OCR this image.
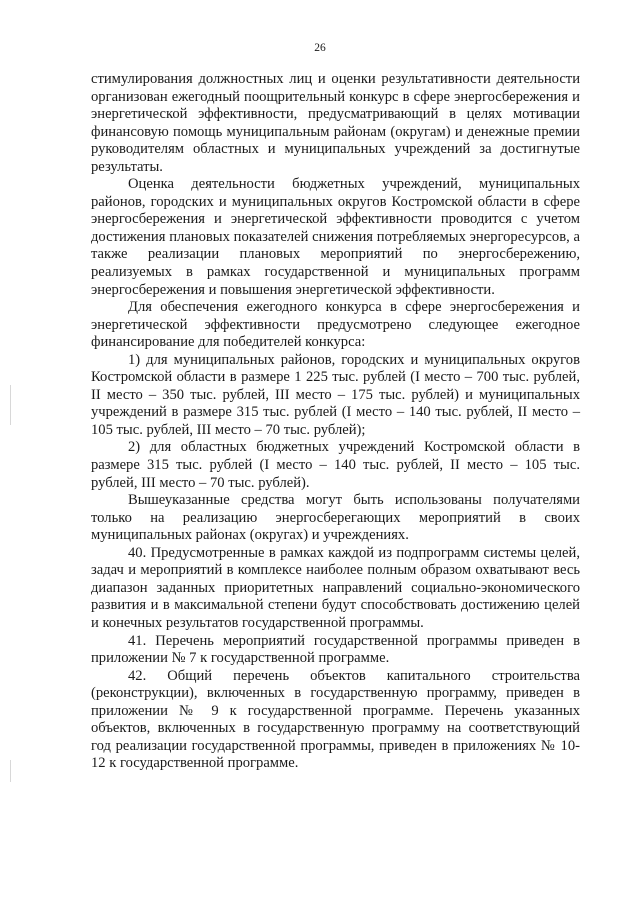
26

стимулирования должностных лиц и оценки результативности деятельности организован ежегодный поощрительный конкурс в сфере энергосбережения и энергетической эффективности, предусматривающий в целях мотивации финансовую помощь муниципальным районам (округам) и денежные премии руководителям областных и муниципальных учреждений за достигнутые результаты.

Оценка деятельности бюджетных учреждений, муниципальных районов, городских и муниципальных округов Костромской области в сфере энергосбережения и энергетической эффективности проводится с учетом достижения плановых показателей снижения потребляемых энергоресурсов, а также реализации плановых мероприятий по энергосбережению, реализуемых в рамках государственной и муниципальных программ энергосбережения и повышения энергетической эффективности.

Для обеспечения ежегодного конкурса в сфере энергосбережения и энергетической эффективности предусмотрено следующее ежегодное финансирование для победителей конкурса:

1) для муниципальных районов, городских и муниципальных округов Костромской области в размере 1 225 тыс. рублей (I место – 700 тыс. рублей, II место – 350 тыс. рублей, III место – 175 тыс. рублей) и муниципальных учреждений в размере 315 тыс. рублей (I место – 140 тыс. рублей, II место – 105 тыс. рублей, III место – 70 тыс. рублей);

2) для областных бюджетных учреждений Костромской области в размере 315 тыс. рублей (I место – 140 тыс. рублей, II место – 105 тыс. рублей, III место – 70 тыс. рублей).

Вышеуказанные средства могут быть использованы получателями только на реализацию энергосберегающих мероприятий в своих муниципальных районах (округах) и учреждениях.

40. Предусмотренные в рамках каждой из подпрограмм системы целей, задач и мероприятий в комплексе наиболее полным образом охватывают весь диапазон заданных приоритетных направлений социально-экономического развития и в максимальной степени будут способствовать достижению целей и конечных результатов государственной программы.

41. Перечень мероприятий государственной программы приведен в приложении № 7 к государственной программе.

42. Общий перечень объектов капитального строительства (реконструкции), включенных в государственную программу, приведен в приложении № 9 к государственной программе. Перечень указанных объектов, включенных в государственную программу на соответствующий год реализации государственной программы, приведен в приложениях № 10-12 к государственной программе.
